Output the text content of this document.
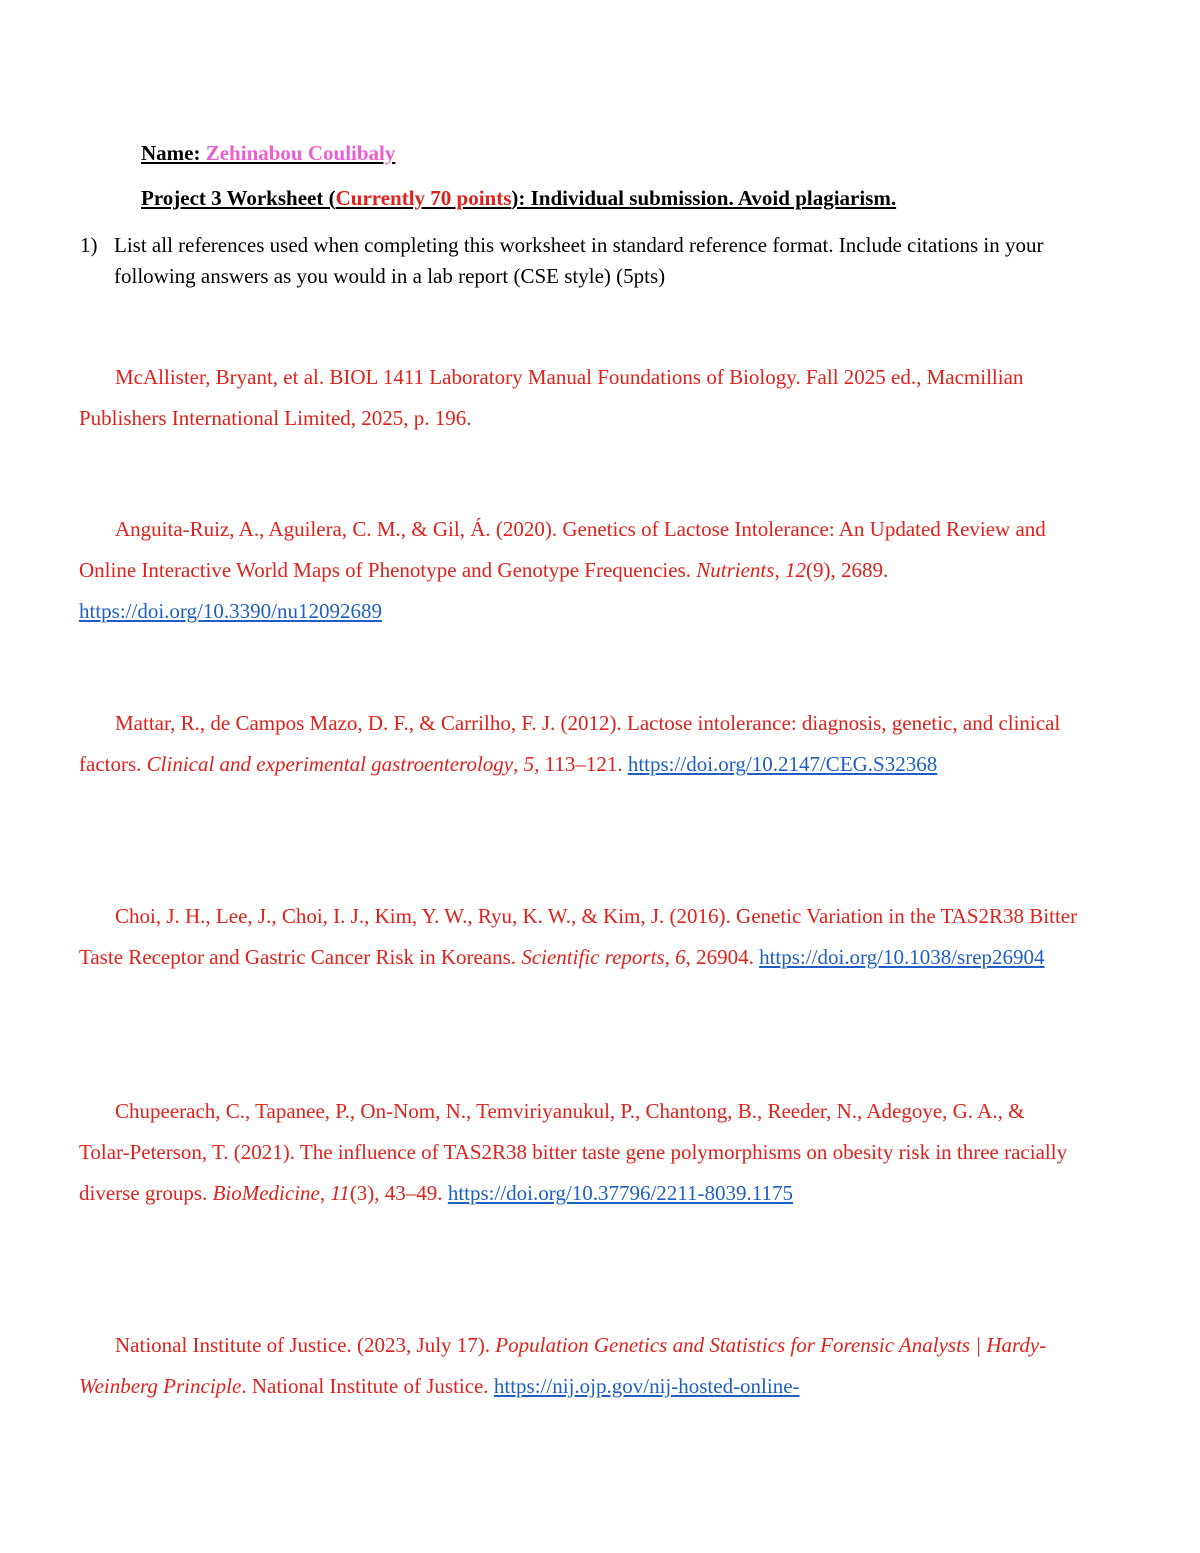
Name: Zehinabou Coulibaly
Project 3 Worksheet (Currently 70 points): Individual submission. Avoid plagiarism.
1) List all references used when completing this worksheet in standard reference format. Include citations in your following answers as you would in a lab report (CSE style) (5pts)
McAllister, Bryant, et al. BIOL 1411 Laboratory Manual Foundations of Biology. Fall 2025 ed., Macmillian Publishers International Limited, 2025, p. 196.
Anguita-Ruiz, A., Aguilera, C. M., & Gil, Á. (2020). Genetics of Lactose Intolerance: An Updated Review and Online Interactive World Maps of Phenotype and Genotype Frequencies. Nutrients, 12(9), 2689. https://doi.org/10.3390/nu12092689
Mattar, R., de Campos Mazo, D. F., & Carrilho, F. J. (2012). Lactose intolerance: diagnosis, genetic, and clinical factors. Clinical and experimental gastroenterology, 5, 113–121. https://doi.org/10.2147/CEG.S32368
Choi, J. H., Lee, J., Choi, I. J., Kim, Y. W., Ryu, K. W., & Kim, J. (2016). Genetic Variation in the TAS2R38 Bitter Taste Receptor and Gastric Cancer Risk in Koreans. Scientific reports, 6, 26904. https://doi.org/10.1038/srep26904
Chupeerach, C., Tapanee, P., On-Nom, N., Temviriyanukul, P., Chantong, B., Reeder, N., Adegoye, G. A., & Tolar-Peterson, T. (2021). The influence of TAS2R38 bitter taste gene polymorphisms on obesity risk in three racially diverse groups. BioMedicine, 11(3), 43–49. https://doi.org/10.37796/2211-8039.1175
National Institute of Justice. (2023, July 17). Population Genetics and Statistics for Forensic Analysts | Hardy-Weinberg Principle. National Institute of Justice. https://nij.ojp.gov/nij-hosted-online-
